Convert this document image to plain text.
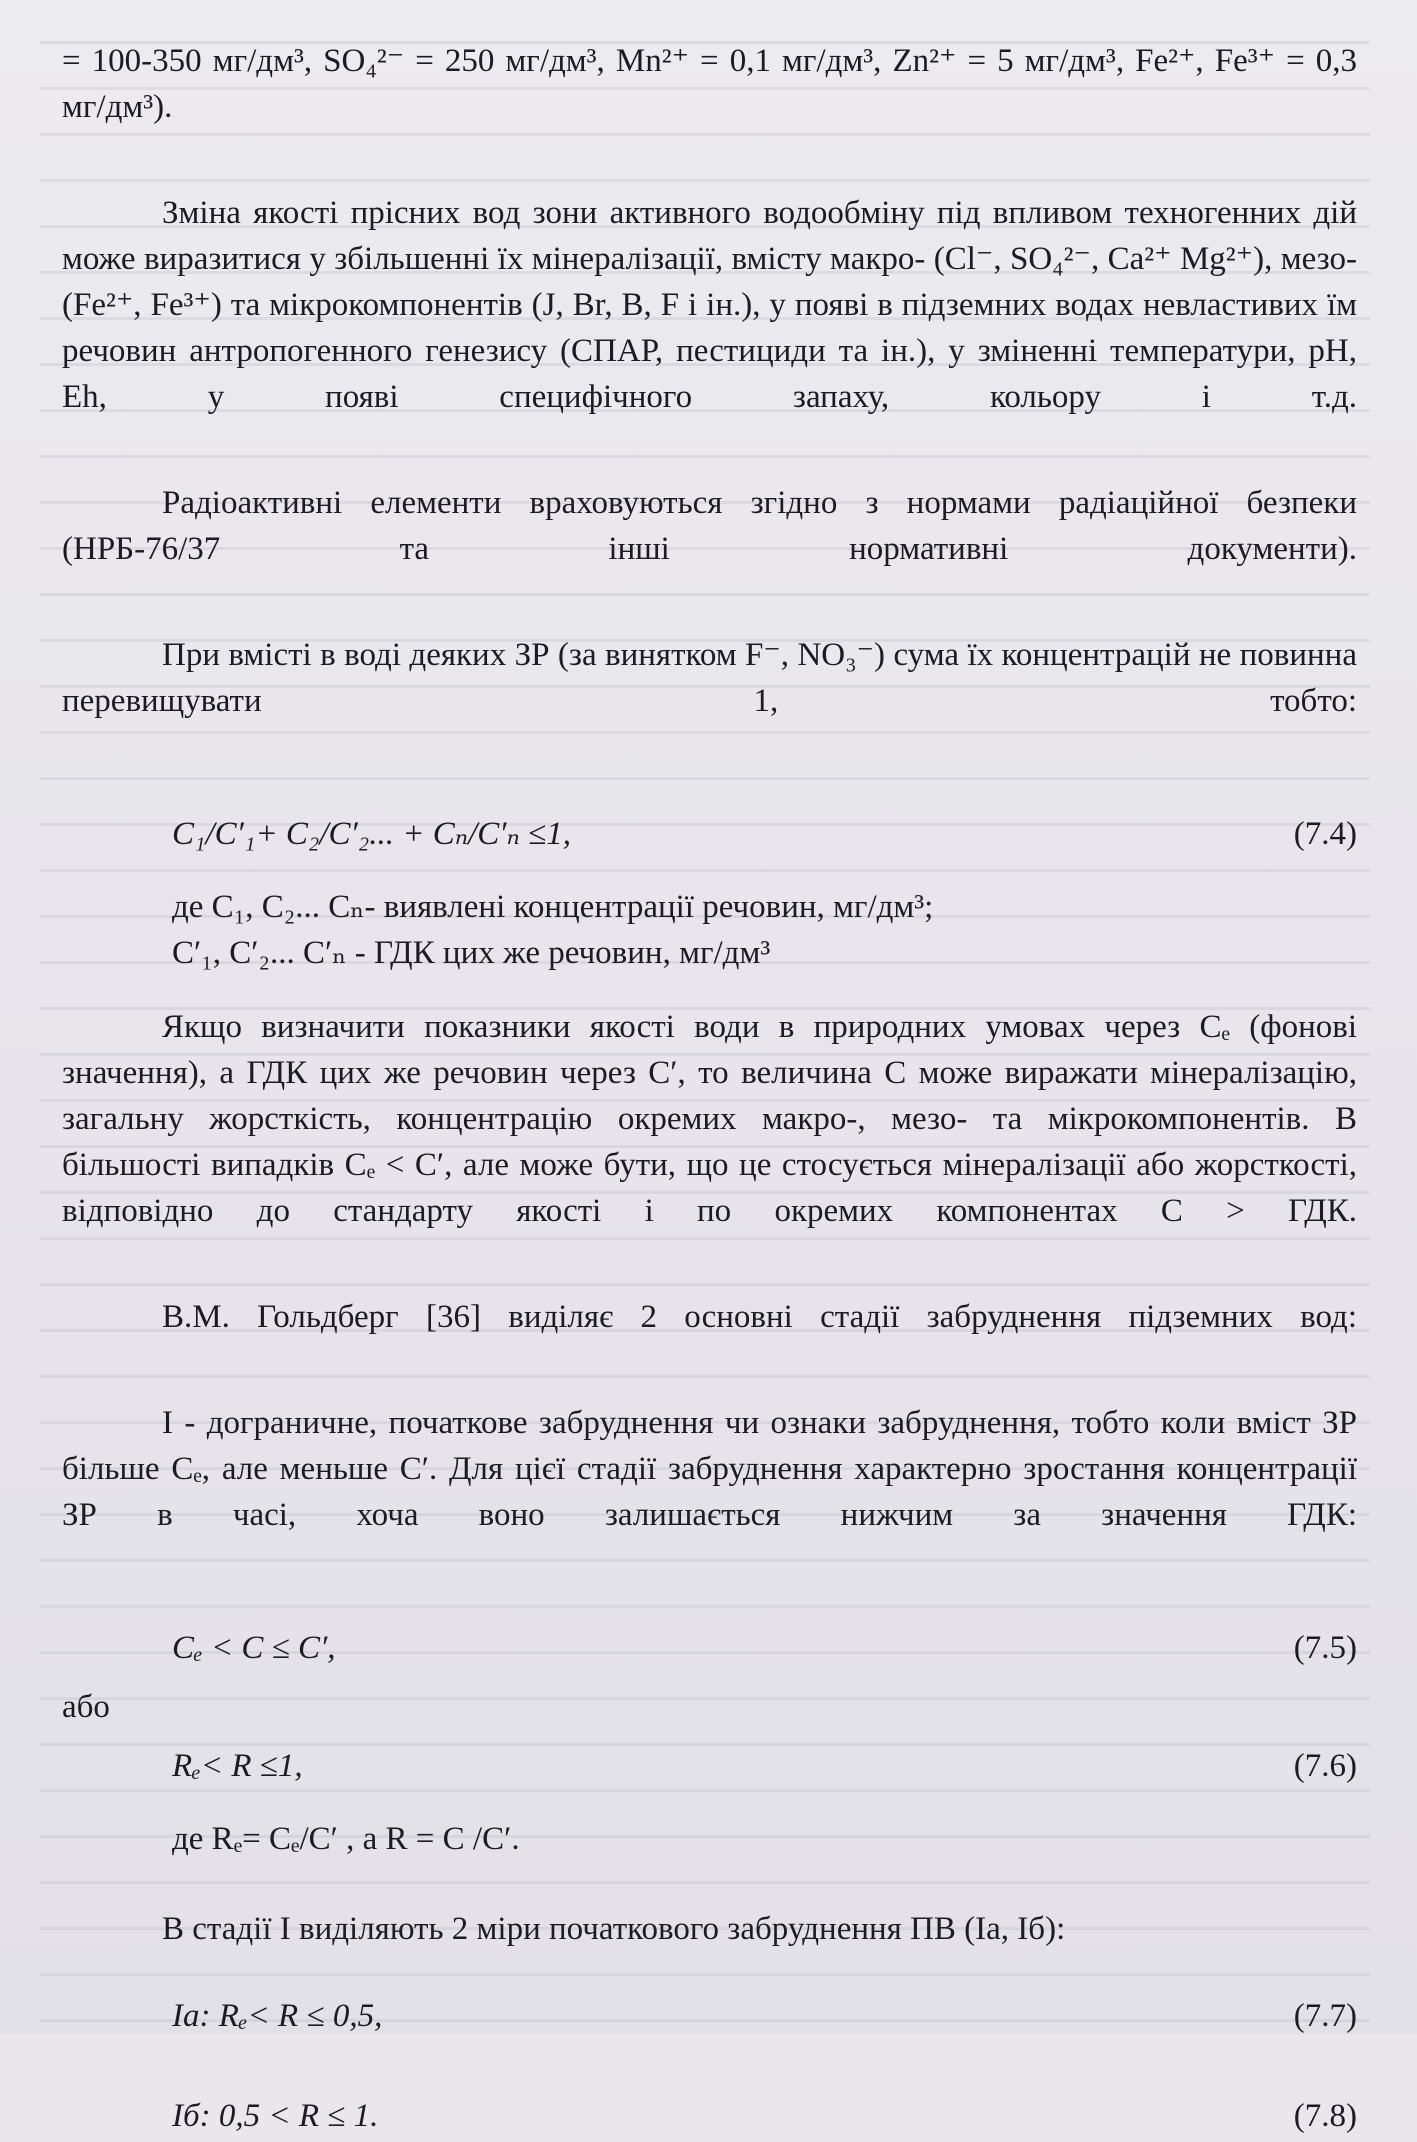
= 100-350 мг/дм³, SO₄²⁻ = 250 мг/дм³, Mn²⁺ = 0,1 мг/дм³, Zn²⁺ = 5 мг/дм³, Fe²⁺, Fe³⁺ = 0,3 мг/дм³).

Зміна якості прісних вод зони активного водообміну під впливом техногенних дій може виразитися у збільшенні їх мінералізації, вмісту макро- (Cl⁻, SO₄²⁻, Ca²⁺ Mg²⁺), мезо- (Fe²⁺, Fe³⁺) та мікрокомпонентів (J, Br, B, F і ін.), у появі в підземних водах невластивих їм речовин антропогенного генезису (СПАР, пестициди та ін.), у зміненні температури, pH, Eh, у появі специфічного запаху, кольору і т.д.

Радіоактивні елементи враховуються згідно з нормами радіаційної безпеки (НРБ-76/37 та інші нормативні документи).

При вмісті в воді деяких ЗР (за винятком F⁻, NO₃⁻) сума їх концентрацій не повинна перевищувати 1, тобто:

C₁/C′₁+ C₂/C′₂... + Cₙ/C′ₙ ≤1,	(7.4)

де C₁, C₂... Cₙ- виявлені концентрації речовин, мг/дм³;

C′₁, C′₂... C′ₙ - ГДК цих же речовин, мг/дм³

Якщо визначити показники якості води в природних умовах через Cₑ (фонові значення), а ГДК цих же речовин через C′, то величина C може виражати мінералізацію, загальну жорсткість, концентрацію окремих макро-, мезо- та мікрокомпонентів. В більшості випадків Cₑ < C′, але може бути, що це стосується мінералізації або жорсткості, відповідно до стандарту якості і по окремих компонентах C > ГДК.

В.М. Гольдберг [36] виділяє 2 основні стадії забруднення підземних вод:

І - дограничне, початкове забруднення чи ознаки забруднення, тобто коли вміст ЗР більше Cₑ, але меньше C′. Для цієї стадії забруднення характерно зростання концентрації ЗР в часі, хоча воно залишається нижчим за значення ГДК:

Cₑ < C ≤ C′,	(7.5)

або

Rₑ< R ≤1,	(7.6)

де Rₑ= Cₑ/C′ , а R = C /C′.

В стадії І виділяють 2 міри початкового забруднення ПВ (Іа, Іб):

Іа: Rₑ< R ≤ 0,5,	(7.7)
Іб: 0,5 < R ≤ 1.	(7.8)
